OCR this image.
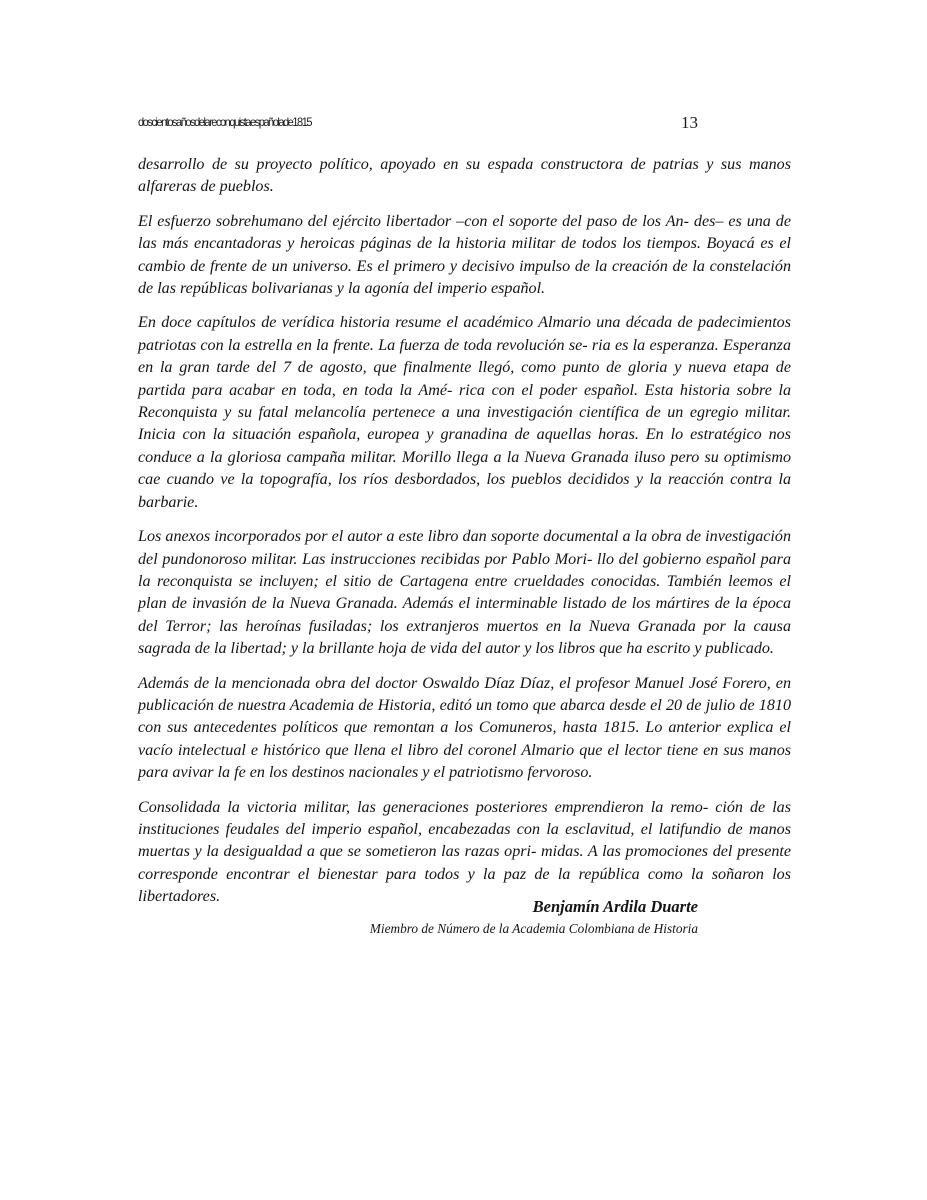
doscientosañosdelareconquistaespañolade1815	13

desarrollo de su proyecto político, apoyado en su espada constructora de patrias y sus manos alfareras de pueblos.

El esfuerzo sobrehumano del ejército libertador –con el soporte del paso de los An- des– es una de las más encantadoras y heroicas páginas de la historia militar de todos los tiempos. Boyacá es el cambio de frente de un universo. Es el primero y decisivo impulso de la creación de la constelación de las repúblicas bolivarianas y la agonía del imperio español.

En doce capítulos de verídica historia resume el académico Almario una década de padecimientos patriotas con la estrella en la frente. La fuerza de toda revolución se- ria es la esperanza. Esperanza en la gran tarde del 7 de agosto, que finalmente llegó, como punto de gloria y nueva etapa de partida para acabar en toda, en toda la Amé- rica con el poder español. Esta historia sobre la Reconquista y su fatal melancolía pertenece a una investigación científica de un egregio militar. Inicia con la situación española, europea y granadina de aquellas horas. En lo estratégico nos conduce a la gloriosa campaña militar. Morillo llega a la Nueva Granada iluso pero su optimismo cae cuando ve la topografía, los ríos desbordados, los pueblos decididos y la reacción contra la barbarie.

Los anexos incorporados por el autor a este libro dan soporte documental a la obra de investigación del pundonoroso militar. Las instrucciones recibidas por Pablo Mori- llo del gobierno español para la reconquista se incluyen; el sitio de Cartagena entre crueldades conocidas. También leemos el plan de invasión de la Nueva Granada. Además el interminable listado de los mártires de la época del Terror; las heroínas fusiladas; los extranjeros muertos en la Nueva Granada por la causa sagrada de la libertad; y la brillante hoja de vida del autor y los libros que ha escrito y publicado.

Además de la mencionada obra del doctor Oswaldo Díaz Díaz, el profesor Manuel José Forero, en publicación de nuestra Academia de Historia, editó un tomo que abarca desde el 20 de julio de 1810 con sus antecedentes políticos que remontan a los Comuneros, hasta 1815. Lo anterior explica el vacío intelectual e histórico que llena el libro del coronel Almario que el lector tiene en sus manos para avivar la fe en los destinos nacionales y el patriotismo fervoroso.

Consolidada la victoria militar, las generaciones posteriores emprendieron la remo- ción de las instituciones feudales del imperio español, encabezadas con la esclavitud, el latifundio de manos muertas y la desigualdad a que se sometieron las razas opri- midas. A las promociones del presente corresponde encontrar el bienestar para todos y la paz de la república como la soñaron los libertadores.

Benjamín Ardila Duarte
Miembro de Número de la Academia Colombiana de Historia
